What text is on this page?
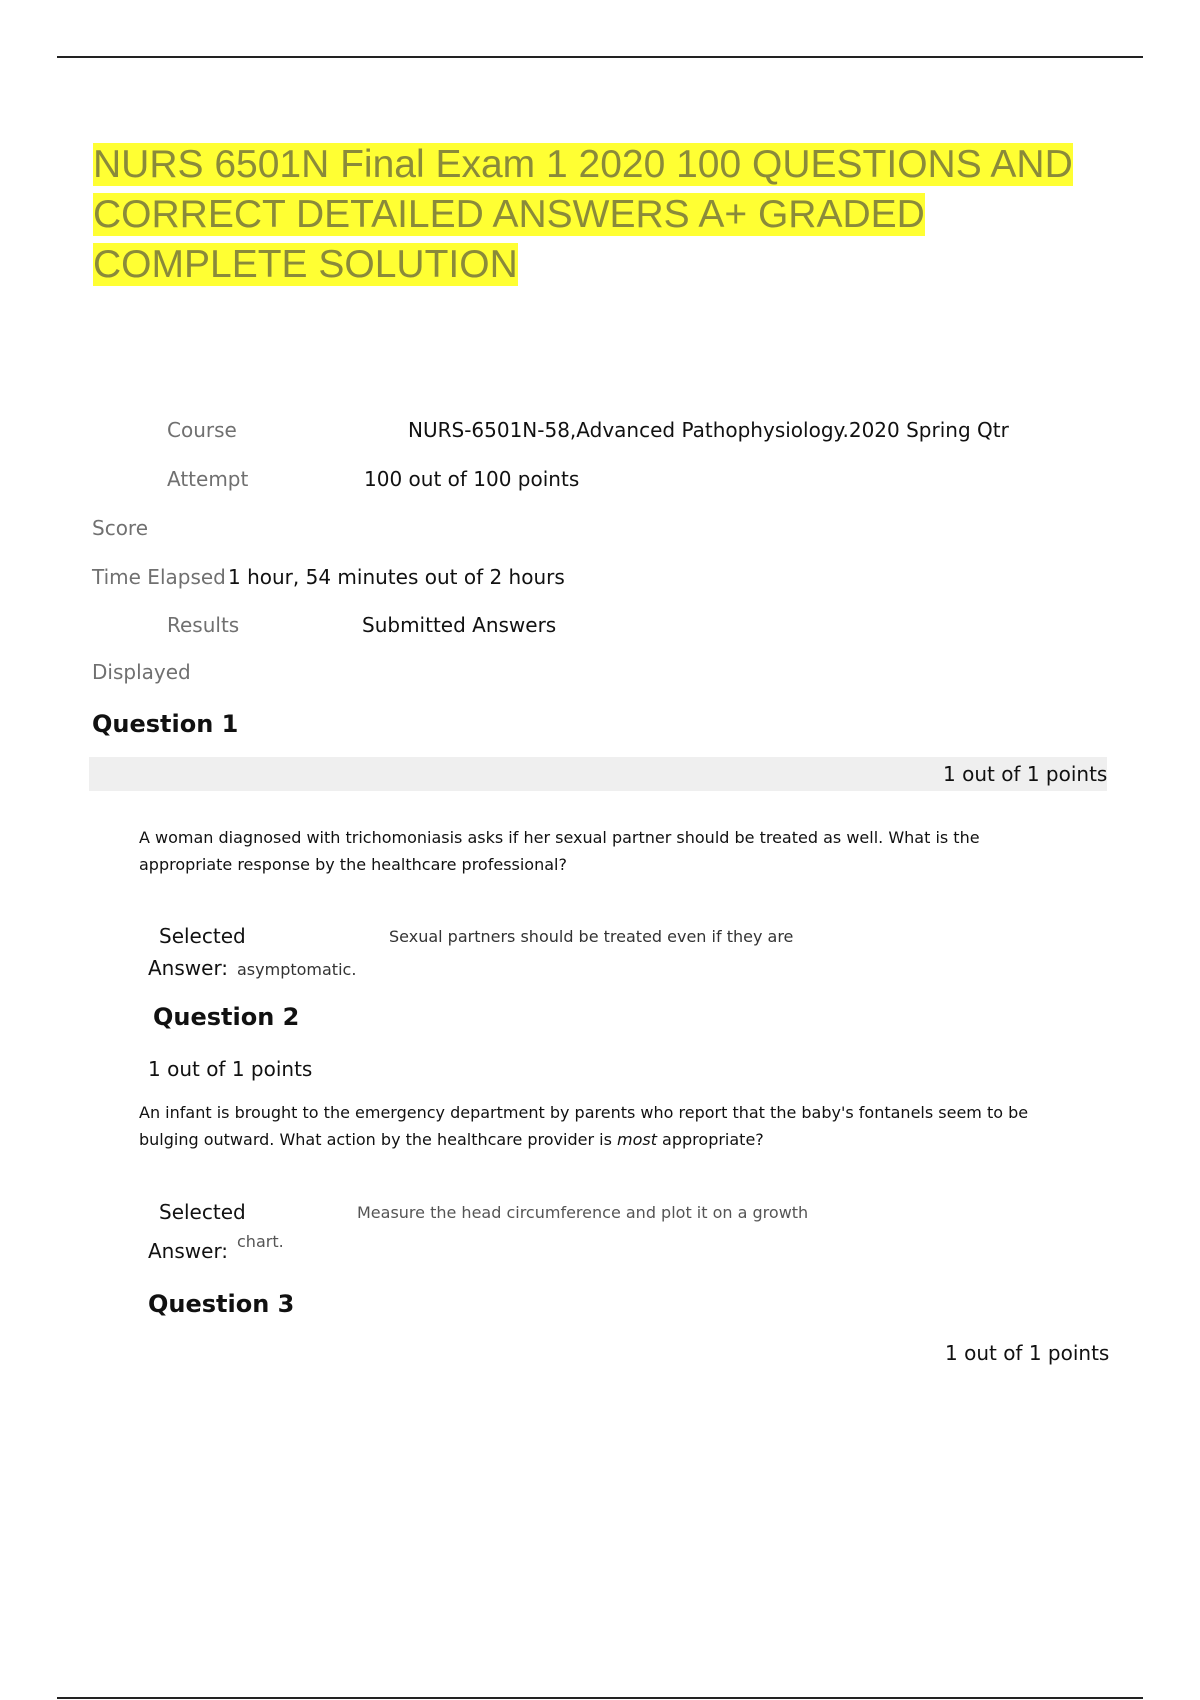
NURS 6501N Final Exam 1 2020 100 QUESTIONS AND CORRECT DETAILED ANSWERS A+ GRADED COMPLETE SOLUTION
Course	NURS-6501N-58,Advanced Pathophysiology.2020 Spring Qtr
Attempt	100 out of 100 points
Score
Time Elapsed 1 hour, 54 minutes out of 2 hours
Results	Submitted Answers
Displayed
Question 1
1 out of 1 points
A woman diagnosed with trichomoniasis asks if her sexual partner should be treated as well. What is the appropriate response by the healthcare professional?
Selected	Sexual partners should be treated even if they are
Answer: asymptomatic.
Question 2
1 out of 1 points
An infant is brought to the emergency department by parents who report that the baby's fontanels seem to be bulging outward. What action by the healthcare provider is most appropriate?
Selected	Measure the head circumference and plot it on a growth
Answer: chart.
Question 3
1 out of 1 points
